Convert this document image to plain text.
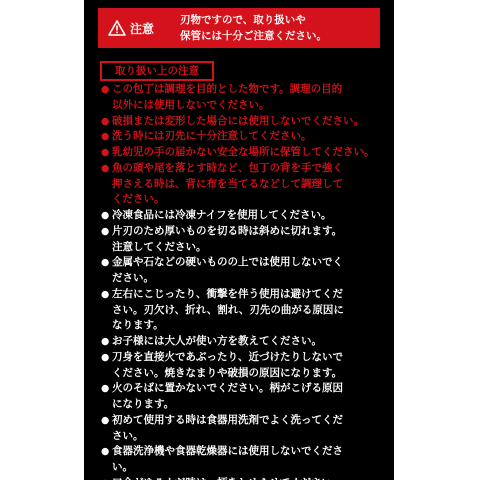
注意
刃物ですので、取り扱いや
保管には十分ご注意ください。
取り扱い上の注意
● この包丁は調理を目的とした物です。調理の目的
以外には使用しないでください。
● 破損または変形した場合には使用しないでください。
● 洗う時には刃先に十分注意してください。
● 乳幼児の手の届かない安全な場所に保管してください。
● 魚の頭や尾を落とす時など、包丁の背を手で強く
押さえる時は、背に布を当てるなどして調理して
ください。
● 冷凍食品には冷凍ナイフを使用してください。
● 片刃のため厚いものを切る時は斜めに切れます。
注意してください。
● 金属や石などの硬いものの上では使用しないでく
ださい。
● 左右にこじったり、衝撃を伴う使用は避けてくだ
さい。刃欠け、折れ、割れ、刃先の曲がる原因に
なります。
● お子様には大人が使い方を教えてください。
● 刀身を直接火であぶったり、近づけたりしないで
ください。焼きなまりや破損の原因になります。
● 火のそばに置かないでください。柄がこげる原因
になります。
● 初めて使用する時は食器用洗剤でよく洗ってくだ
さい。
● 食器洗浄機や食器乾燥器には使用しないでくださ
い。
● 口金がゆるんだ時は、柄をしめらせてください。
